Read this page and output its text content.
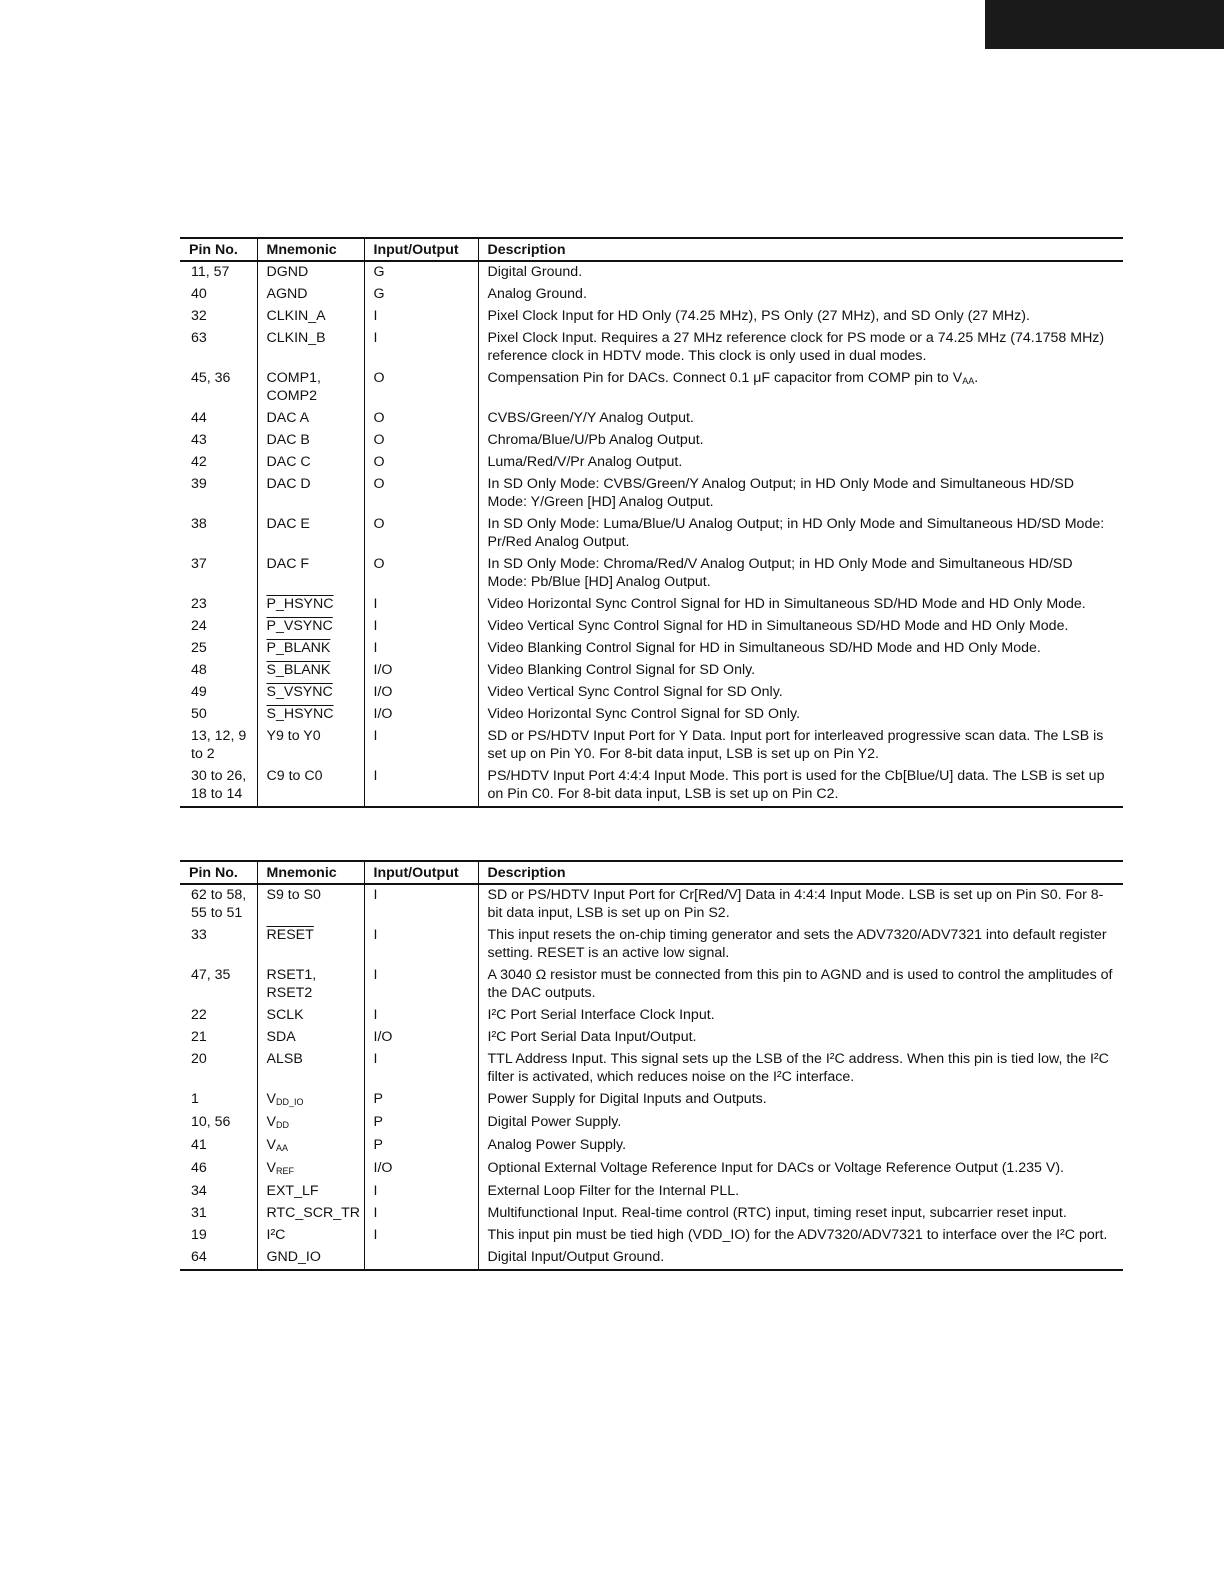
Pin No.	Mnemonic	Input/Output	Description
11, 57	DGND	G	Digital Ground.
40	AGND	G	Analog Ground.
32	CLKIN_A	I	Pixel Clock Input for HD Only (74.25 MHz), PS Only (27 MHz), and SD Only (27 MHz).
63	CLKIN_B	I	Pixel Clock Input. Requires a 27 MHz reference clock for PS mode or a 74.25 MHz (74.1758 MHz) reference clock in HDTV mode. This clock is only used in dual modes.
45, 36	COMP1, COMP2	O	Compensation Pin for DACs. Connect 0.1 μF capacitor from COMP pin to VAA.
44	DAC A	O	CVBS/Green/Y/Y Analog Output.
43	DAC B	O	Chroma/Blue/U/Pb Analog Output.
42	DAC C	O	Luma/Red/V/Pr Analog Output.
39	DAC D	O	In SD Only Mode: CVBS/Green/Y Analog Output; in HD Only Mode and Simultaneous HD/SD Mode: Y/Green [HD] Analog Output.
38	DAC E	O	In SD Only Mode: Luma/Blue/U Analog Output; in HD Only Mode and Simultaneous HD/SD Mode: Pr/Red Analog Output.
37	DAC F	O	In SD Only Mode: Chroma/Red/V Analog Output; in HD Only Mode and Simultaneous HD/SD Mode: Pb/Blue [HD] Analog Output.
23	P_HSYNC	I	Video Horizontal Sync Control Signal for HD in Simultaneous SD/HD Mode and HD Only Mode.
24	P_VSYNC	I	Video Vertical Sync Control Signal for HD in Simultaneous SD/HD Mode and HD Only Mode.
25	P_BLANK	I	Video Blanking Control Signal for HD in Simultaneous SD/HD Mode and HD Only Mode.
48	S_BLANK	I/O	Video Blanking Control Signal for SD Only.
49	S_VSYNC	I/O	Video Vertical Sync Control Signal for SD Only.
50	S_HSYNC	I/O	Video Horizontal Sync Control Signal for SD Only.
13, 12, 9 to 2	Y9 to Y0	I	SD or PS/HDTV Input Port for Y Data. Input port for interleaved progressive scan data. The LSB is set up on Pin Y0. For 8-bit data input, LSB is set up on Pin Y2.
30 to 26, 18 to 14	C9 to C0	I	PS/HDTV Input Port 4:4:4 Input Mode. This port is used for the Cb[Blue/U] data. The LSB is set up on Pin C0. For 8-bit data input, LSB is set up on Pin C2.
Pin No.	Mnemonic	Input/Output	Description
62 to 58, 55 to 51	S9 to S0	I	SD or PS/HDTV Input Port for Cr[Red/V] Data in 4:4:4 Input Mode. LSB is set up on Pin S0. For 8-bit data input, LSB is set up on Pin S2.
33	RESET	I	This input resets the on-chip timing generator and sets the ADV7320/ADV7321 into default register setting. RESET is an active low signal.
47, 35	RSET1, RSET2	I	A 3040 Ω resistor must be connected from this pin to AGND and is used to control the amplitudes of the DAC outputs.
22	SCLK	I	I²C Port Serial Interface Clock Input.
21	SDA	I/O	I²C Port Serial Data Input/Output.
20	ALSB	I	TTL Address Input. This signal sets up the LSB of the I²C address. When this pin is tied low, the I²C filter is activated, which reduces noise on the I²C interface.
1	VDD_IO	P	Power Supply for Digital Inputs and Outputs.
10, 56	VDD	P	Digital Power Supply.
41	VAA	P	Analog Power Supply.
46	VREF	I/O	Optional External Voltage Reference Input for DACs or Voltage Reference Output (1.235 V).
34	EXT_LF	I	External Loop Filter for the Internal PLL.
31	RTC_SCR_TR	I	Multifunctional Input. Real-time control (RTC) input, timing reset input, subcarrier reset input.
19	I²C	I	This input pin must be tied high (VDD_IO) for the ADV7320/ADV7321 to interface over the I²C port.
64	GND_IO		Digital Input/Output Ground.
